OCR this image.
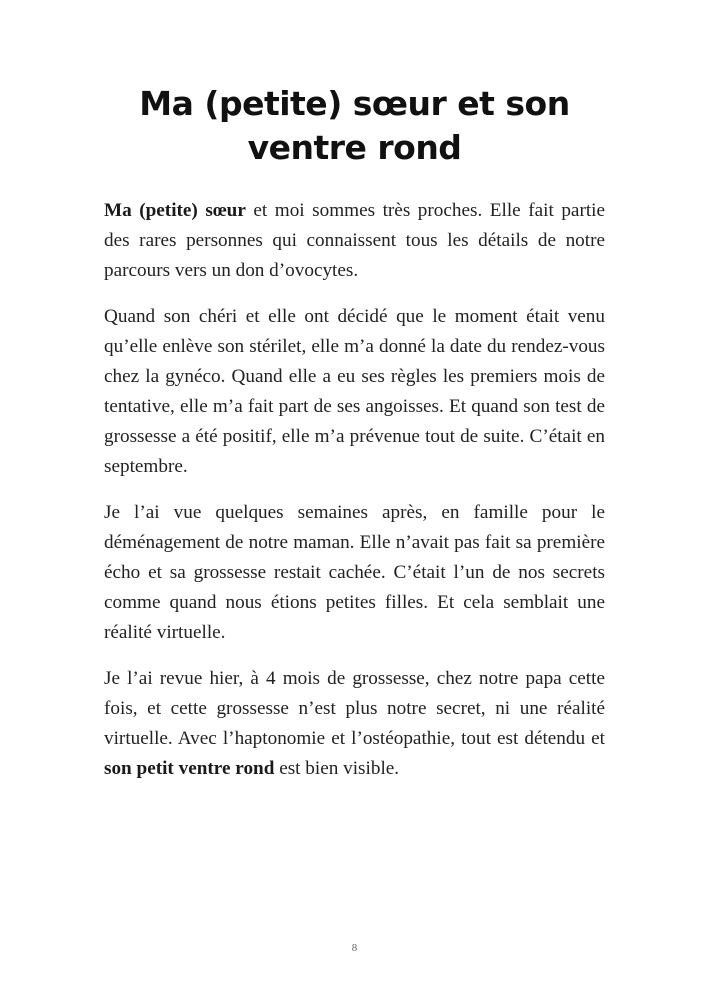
Ma (petite) sœur et son ventre rond

Ma (petite) sœur et moi sommes très proches. Elle fait partie des rares personnes qui connaissent tous les détails de notre parcours vers un don d’ovocytes.

Quand son chéri et elle ont décidé que le moment était venu qu’elle enlève son stérilet, elle m’a donné la date du rendez-vous chez la gynéco. Quand elle a eu ses règles les premiers mois de tentative, elle m’a fait part de ses angoisses. Et quand son test de grossesse a été positif, elle m’a prévenue tout de suite. C’était en septembre.

Je l’ai vue quelques semaines après, en famille pour le déménagement de notre maman. Elle n’avait pas fait sa première écho et sa grossesse restait cachée. C’était l’un de nos secrets comme quand nous étions petites filles. Et cela semblait une réalité virtuelle.

Je l’ai revue hier, à 4 mois de grossesse, chez notre papa cette fois, et cette grossesse n’est plus notre secret, ni une réalité virtuelle. Avec l’haptonomie et l’ostéopathie, tout est détendu et son petit ventre rond est bien visible.

8
